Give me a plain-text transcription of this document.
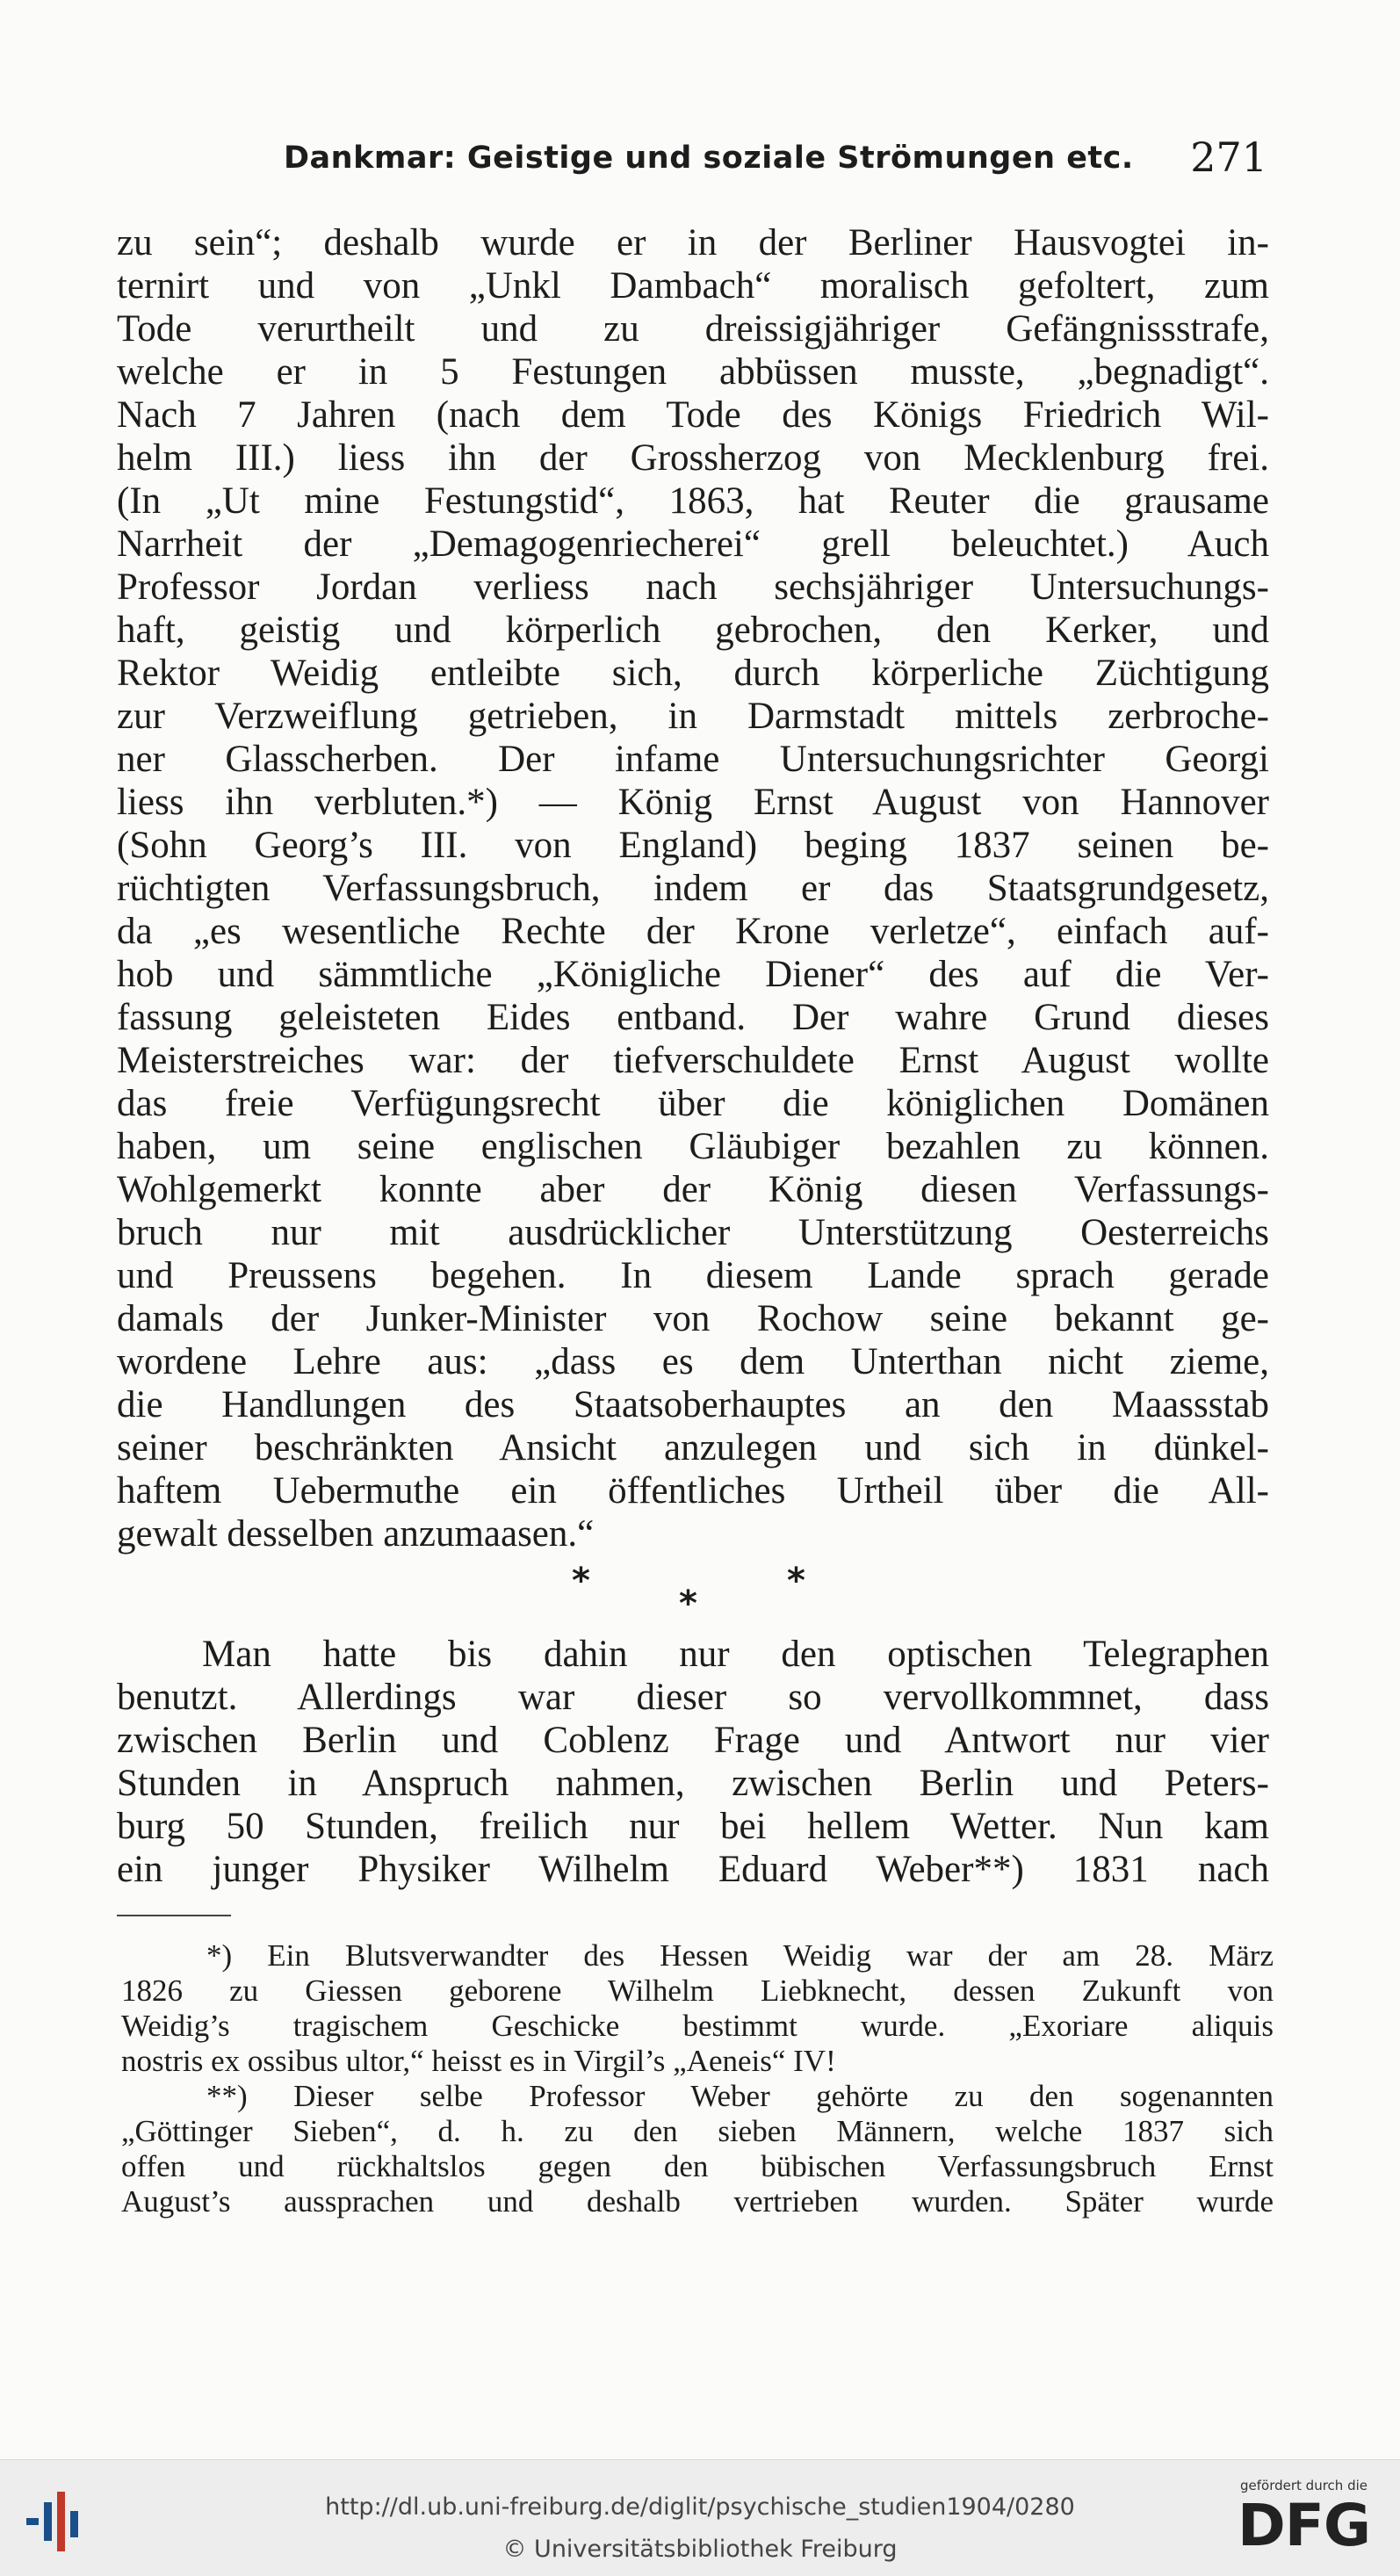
Dankmar: Geistige und soziale Strömungen etc. 271
zu sein“; deshalb wurde er in der Berliner Hausvogtei in-
ternirt und von „Unkl Dambach“ moralisch gefoltert, zum
Tode verurtheilt und zu dreissigjähriger Gefängnissstrafe,
welche er in 5 Festungen abbüssen musste, „begnadigt“.
Nach 7 Jahren (nach dem Tode des Königs Friedrich Wil-
helm III.) liess ihn der Grossherzog von Mecklenburg frei.
(In „Ut mine Festungstid“, 1863, hat Reuter die grausame
Narrheit der „Demagogenriecherei“ grell beleuchtet.) Auch
Professor Jordan verliess nach sechsjähriger Untersuchungs-
haft, geistig und körperlich gebrochen, den Kerker, und
Rektor Weidig entleibte sich, durch körperliche Züchtigung
zur Verzweiflung getrieben, in Darmstadt mittels zerbroche-
ner Glasscherben. Der infame Untersuchungsrichter Georgi
liess ihn verbluten.*) — König Ernst August von Hannover
(Sohn Georg’s III. von England) beging 1837 seinen be-
rüchtigten Verfassungsbruch, indem er das Staatsgrundgesetz,
da „es wesentliche Rechte der Krone verletze“, einfach auf-
hob und sämmtliche „Königliche Diener“ des auf die Ver-
fassung geleisteten Eides entband. Der wahre Grund dieses
Meisterstreiches war: der tiefverschuldete Ernst August wollte
das freie Verfügungsrecht über die königlichen Domänen
haben, um seine englischen Gläubiger bezahlen zu können.
Wohlgemerkt konnte aber der König diesen Verfassungs-
bruch nur mit ausdrücklicher Unterstützung Oesterreichs
und Preussens begehen. In diesem Lande sprach gerade
damals der Junker-Minister von Rochow seine bekannt ge-
wordene Lehre aus: „dass es dem Unterthan nicht zieme,
die Handlungen des Staatsoberhauptes an den Maassstab
seiner beschränkten Ansicht anzulegen und sich in dünkel-
haftem Uebermuthe ein öffentliches Urtheil über die All-
gewalt desselben anzumaasen.“
*	*
*
Man hatte bis dahin nur den optischen Telegraphen
benutzt. Allerdings war dieser so vervollkommnet, dass
zwischen Berlin und Coblenz Frage und Antwort nur vier
Stunden in Anspruch nahmen, zwischen Berlin und Peters-
burg 50 Stunden, freilich nur bei hellem Wetter. Nun kam
ein junger Physiker Wilhelm Eduard Weber**) 1831 nach
*) Ein Blutsverwandter des Hessen Weidig war der am 28. März
1826 zu Giessen geborene Wilhelm Liebknecht, dessen Zukunft von
Weidig’s tragischem Geschicke bestimmt wurde. „Exoriare aliquis
nostris ex ossibus ultor,“ heisst es in Virgil’s „Aeneis“ IV!
**) Dieser selbe Professor Weber gehörte zu den sogenannten
„Göttinger Sieben“, d. h. zu den sieben Männern, welche 1837 sich
offen und rückhaltslos gegen den bübischen Verfassungsbruch Ernst
August’s aussprachen und deshalb vertrieben wurden. Später wurde
http://dl.ub.uni-freiburg.de/diglit/psychische_studien1904/0280
© Universitätsbibliothek Freiburg
gefördert durch die
DFG
